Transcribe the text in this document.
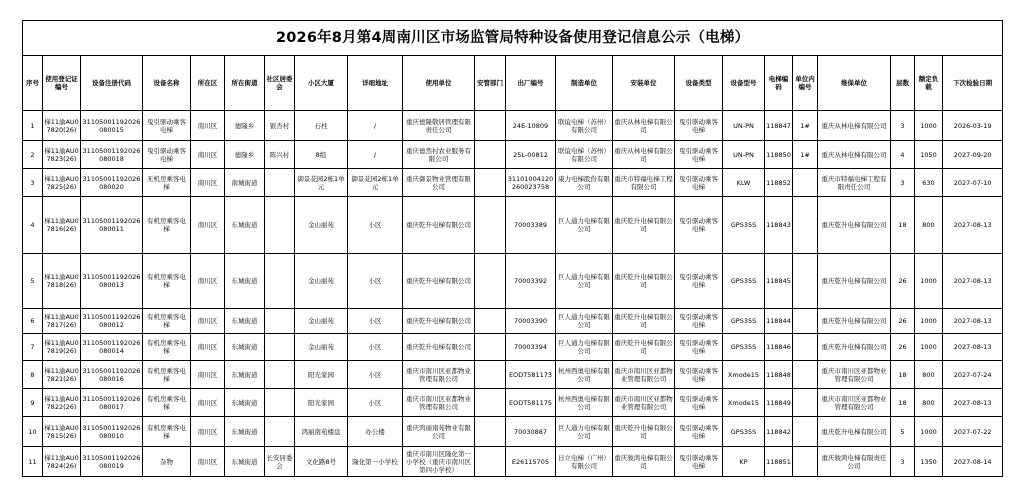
2026年8月第4周南川区市场监管局特种设备使用登记信息公示（电梯）																					
序号	使用登记证编号	设备注册代码	设备名称	所在区	所在街道	社区居委会	小区大厦	详细地址	使用单位	安管部门	出厂编号	制造单位	安装单位	设备类型	设备型号	电梯编码	单位内编号	维保单位	层数	额定负载	下次检验日期
1	梯11渝AU07820(26)	31105001192026080015	曳引驱动乘客电梯	南川区	德隆乡	银杏村	石柱	/	重庆德隆敬居管理有限责任公司		24E-10809	联谊电梯（苏州）有限公司	重庆从林电梯有限公司	曳引驱动乘客电梯	UN-PN	118847	1#	重庆从林电梯有限公司	3	1000	2026-03-19
2	梯11渝AU07823(26)	31105001192026080018	曳引驱动乘客电梯	南川区	德隆乡	陈兴村	8组	/	重庆德然村农业服务有限公司		25L-00812	联谊电梯（苏州）有限公司	重庆从林电梯有限公司	曳引驱动乘客电梯	UN-PN	118850	1#	重庆从林电梯有限公司	4	1050	2027-09-20
3	梯11渝AU07825(26)	31105001192026080020	无机房乘客电梯	南川区	南城街道		御景花园2栋1单元	御景花园2栋1单元	重庆御景物业管理有限公司		31101004120260023758	康力电梯股份有限公司	重庆市特福电梯工程有限公司	曳引驱动乘客电梯	KLW	118852		重庆市特福电梯工程有限责任公司	3	630	2027-07-10
4	梯11渝AU07816(26)	31105001192026080011	有机房乘客电梯	南川区	东城街道		金山丽苑	小区	重庆乾升电梯有限公司		70003389	巨人通力电梯有限公司	重庆乾升电梯有限公司	曳引驱动乘客电梯	GPS35S	118843		重庆乾升电梯有限公司	18	800	2027-08-13
5	梯11渝AU07818(26)	31105001192026080013	有机房乘客电梯	南川区	东城街道		金山丽苑	小区	重庆乾升电梯有限公司		70003392	巨人通力电梯有限公司	重庆乾升电梯有限公司	曳引驱动乘客电梯	GPS35S	118845		重庆乾升电梯有限公司	26	1000	2027-08-13
6	梯11渝AU07817(26)	31105001192026080012	有机房乘客电梯	南川区	东城街道		金山丽苑	小区	重庆乾升电梯有限公司		70003390	巨人通力电梯有限公司	重庆乾升电梯有限公司	曳引驱动乘客电梯	GPS35S	118844		重庆乾升电梯有限公司	26	1000	2027-08-13
7	梯11渝AU07819(26)	31105001192026080014	有机房乘客电梯	南川区	东城街道		金山丽苑	小区	重庆乾升电梯有限公司		70003394	巨人通力电梯有限公司	重庆乾升电梯有限公司	曳引驱动乘客电梯	GPS35S	118846		重庆乾升电梯有限公司	26	1000	2027-08-13
8	梯11渝AU07821(26)	31105001192026080016	有机房乘客电梯	南川区	东城街道		阳光家园	小区	重庆市南川区亚都物业管理有限公司		EODT581173	杭州西奥电梯有限公司	重庆市南川区亚都物业管理有限公司	曳引驱动乘客电梯	Xmode15	118848		重庆市南川区亚都物业管理有限公司	18	800	2027-07-24
9	梯11渝AU07822(26)	31105001192026080017	有机房乘客电梯	南川区	东城街道		阳光家园	小区	重庆市南川区亚都物业管理有限公司		EODT581175	杭州西奥电梯有限公司	重庆市南川区亚都物业管理有限公司	曳引驱动乘客电梯	Xmode15	118849		重庆市南川区亚都物业管理有限公司	18	800	2027-08-13
10	梯11渝AU07815(26)	31105001192026080010	有机房乘客电梯	南川区	东城街道		鸿丽南苑楼盘	办公楼	重庆鸿丽南苑物业有限公司		70030887	巨人通力电梯有限公司	重庆乾升电梯有限公司	曳引驱动乘客电梯	GPS35S	118842		重庆乾升电梯有限公司	5	1000	2027-07-22
11	梯11渝AU07824(26)	31105001192026080019	杂物	南川区	东城街道	长安居委会	文化路8号	隆化第一小学校	重庆市南川区隆化第一小学校（重庆市南川区第四小学校）		E26115705	日立电梯（广州）有限公司	重庆骏鸿电梯有限公司	曳引驱动乘客电梯	KP	118851		重庆骏鸿电梯有限责任公司	3	1350	2027-08-14
